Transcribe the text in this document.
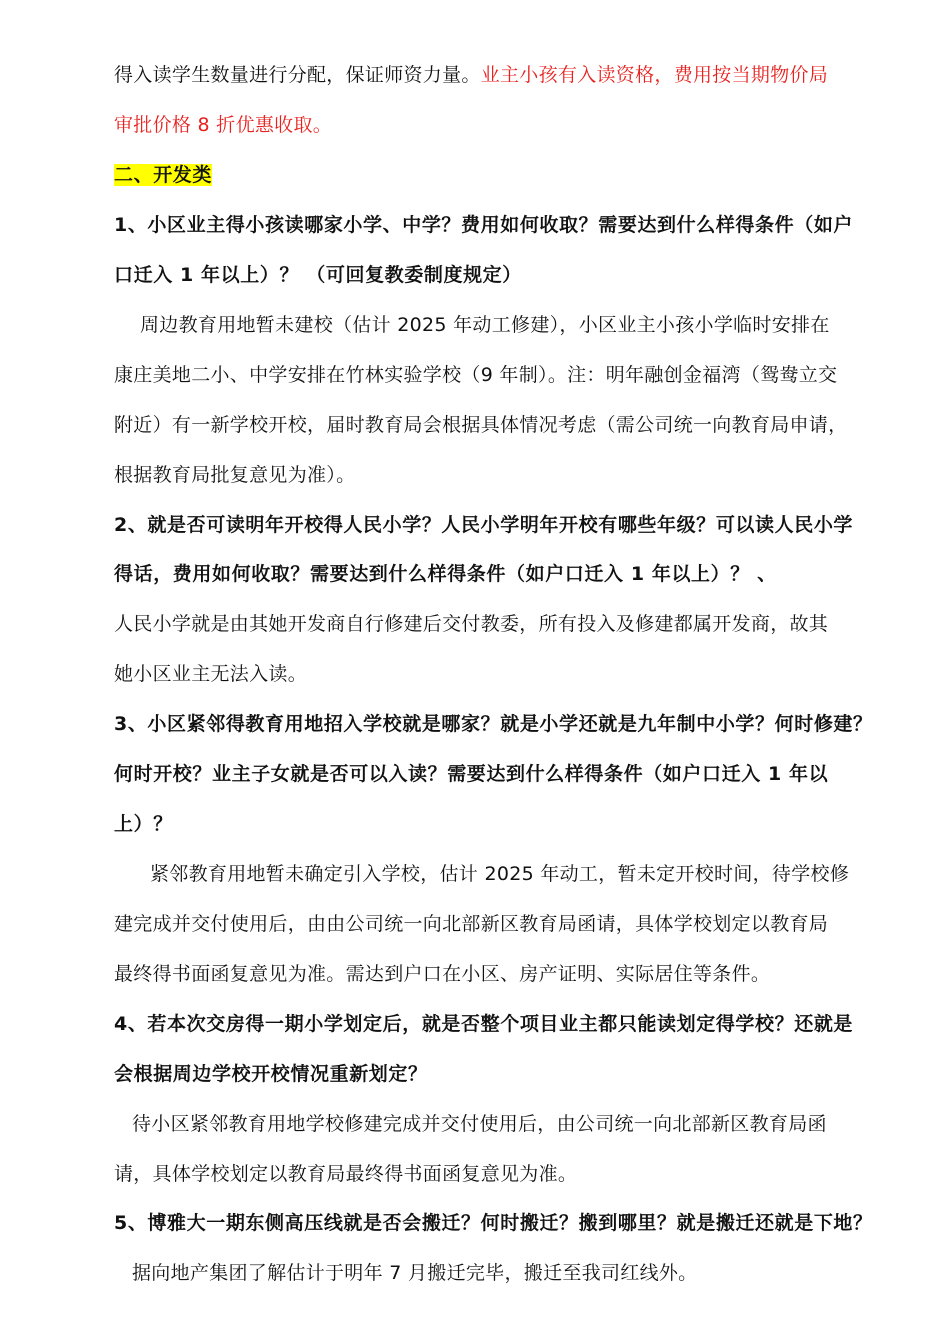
得入读学生数量进行分配，保证师资力量。业主小孩有入读资格，费用按当期物价局
审批价格 8 折优惠收取。
二、开发类
1、小区业主得小孩读哪家小学、中学？费用如何收取？需要达到什么样得条件（如户
口迁入 1 年以上）？ （可回复教委制度规定）
周边教育用地暂未建校（估计 2025 年动工修建），小区业主小孩小学临时安排在
康庄美地二小、中学安排在竹林实验学校（9 年制）。注：明年融创金福湾（鸳鸯立交
附近）有一新学校开校，届时教育局会根据具体情况考虑（需公司统一向教育局申请，
根据教育局批复意见为准）。
2、就是否可读明年开校得人民小学？人民小学明年开校有哪些年级？可以读人民小学
得话，费用如何收取？需要达到什么样得条件（如户口迁入 1 年以上）？ 、
人民小学就是由其她开发商自行修建后交付教委，所有投入及修建都属开发商，故其
她小区业主无法入读。
3、小区紧邻得教育用地招入学校就是哪家？就是小学还就是九年制中小学？何时修建？
何时开校？业主子女就是否可以入读？需要达到什么样得条件（如户口迁入 1 年以
上）？
紧邻教育用地暂未确定引入学校，估计 2025 年动工，暂未定开校时间，待学校修
建完成并交付使用后，由由公司统一向北部新区教育局函请，具体学校划定以教育局
最终得书面函复意见为准。需达到户口在小区、房产证明、实际居住等条件。
4、若本次交房得一期小学划定后，就是否整个项目业主都只能读划定得学校？还就是
会根据周边学校开校情况重新划定？
待小区紧邻教育用地学校修建完成并交付使用后，由公司统一向北部新区教育局函
请，具体学校划定以教育局最终得书面函复意见为准。
5、博雅大一期东侧高压线就是否会搬迁？何时搬迁？搬到哪里？就是搬迁还就是下地？
据向地产集团了解估计于明年 7 月搬迁完毕，搬迁至我司红线外。
